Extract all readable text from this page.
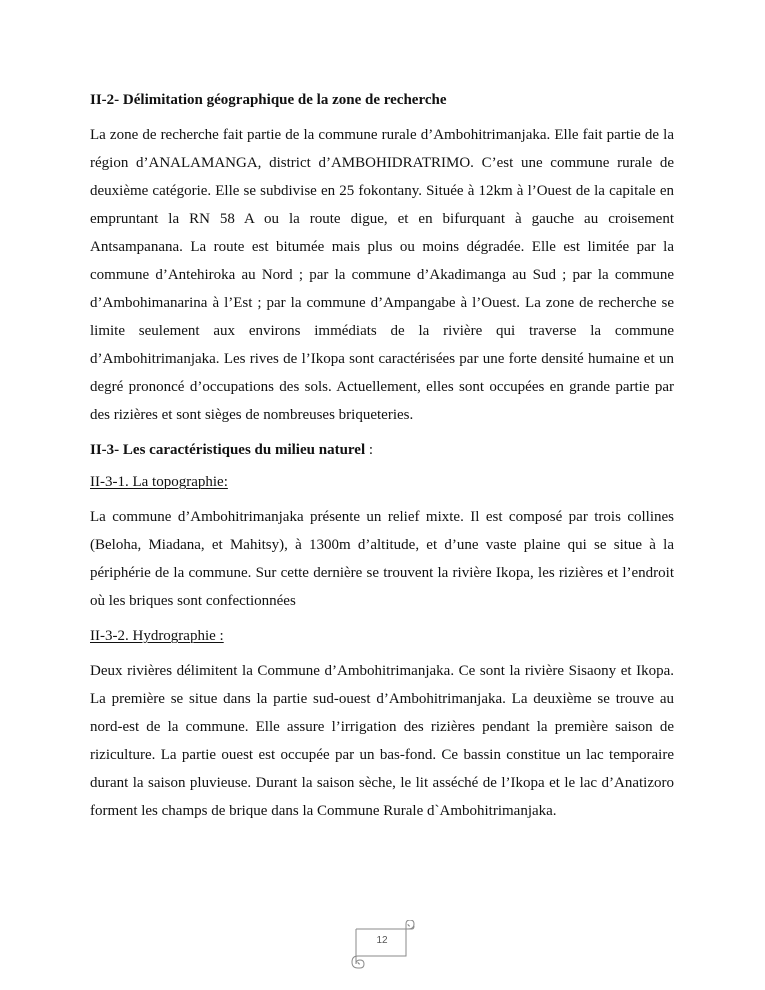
II-2- Délimitation géographique de la zone de recherche

La zone de recherche fait partie de la commune rurale d’Ambohitrimanjaka. Elle fait partie de la région d’ANALAMANGA, district d’AMBOHIDRATRIMO. C’est une commune rurale de deuxième catégorie. Elle se subdivise en 25 fokontany. Située à 12km à l’Ouest de la capitale en empruntant la RN 58 A ou la route digue, et en bifurquant à gauche au croisement Antsampanana. La route est bitumée mais plus ou moins dégradée. Elle est limitée par la commune d’Antehiroka au Nord ; par la commune d’Akadimanga au Sud ; par la commune d’Ambohimanarina à l’Est ; par la commune d’Ampangabe à l’Ouest. La zone de recherche se limite seulement aux environs immédiats de la rivière qui traverse la commune d’Ambohitrimanjaka. Les rives de l’Ikopa sont caractérisées par une forte densité humaine et un degré prononcé d’occupations des sols. Actuellement, elles sont occupées en grande partie par des rizières et sont sièges de nombreuses briqueteries.

II-3- Les caractéristiques du milieu naturel :
II-3-1. La topographie:

La commune d’Ambohitrimanjaka présente un relief mixte. Il est composé par trois collines (Beloha, Miadana, et Mahitsy), à 1300m d’altitude, et d’une vaste plaine qui se situe à la périphérie de la commune. Sur cette dernière se trouvent la rivière Ikopa, les rizières et l’endroit où les briques sont confectionnées

II-3-2. Hydrographie :

Deux rivières délimitent la Commune d’Ambohitrimanjaka. Ce sont la rivière Sisaony et Ikopa. La première se situe dans la partie sud-ouest d’Ambohitrimanjaka. La deuxième se trouve au nord-est de la commune. Elle assure l’irrigation des rizières pendant la première saison de riziculture. La partie ouest est occupée par un bas-fond. Ce bassin constitue un lac temporaire durant la saison pluvieuse. Durant la saison sèche, le lit asséché de l’Ikopa et le lac d’Anatizoro forment les champs de brique dans la Commune Rurale d`Ambohitrimanjaka.

12
